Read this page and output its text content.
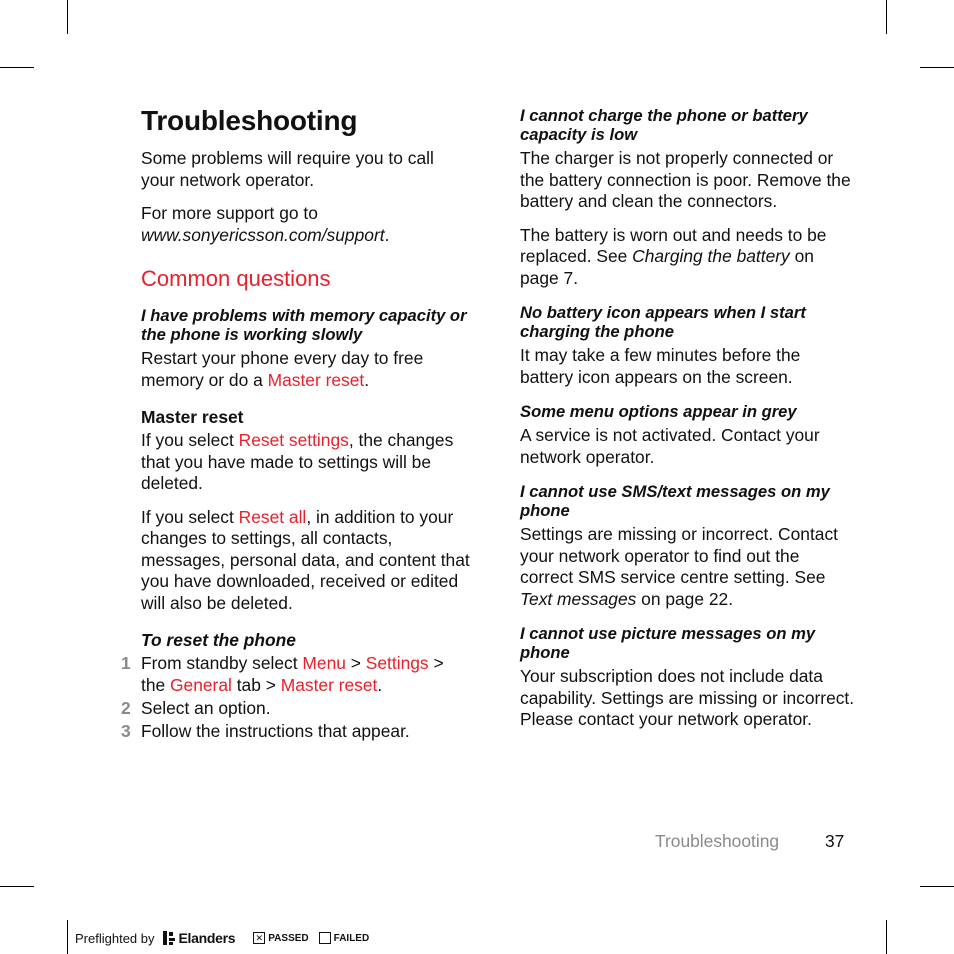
Troubleshooting

Some problems will require you to call your network operator.

For more support go to
www.sonyericsson.com/support.

Common questions

I have problems with memory capacity or the phone is working slowly

Restart your phone every day to free memory or do a Master reset.

Master reset

If you select Reset settings, the changes that you have made to settings will be deleted.

If you select Reset all, in addition to your changes to settings, all contacts, messages, personal data, and content that you have downloaded, received or edited will also be deleted.

To reset the phone

1 From standby select Menu > Settings > the General tab > Master reset.
2 Select an option.
3 Follow the instructions that appear.

I cannot charge the phone or battery capacity is low

The charger is not properly connected or the battery connection is poor. Remove the battery and clean the connectors.

The battery is worn out and needs to be replaced. See Charging the battery on page 7.

No battery icon appears when I start charging the phone

It may take a few minutes before the battery icon appears on the screen.

Some menu options appear in grey

A service is not activated. Contact your network operator.

I cannot use SMS/text messages on my phone

Settings are missing or incorrect. Contact your network operator to find out the correct SMS service centre setting. See Text messages on page 22.

I cannot use picture messages on my phone

Your subscription does not include data capability. Settings are missing or incorrect. Please contact your network operator.

Troubleshooting	37
Preflighted by Elanders ✕ PASSED	FAILED
